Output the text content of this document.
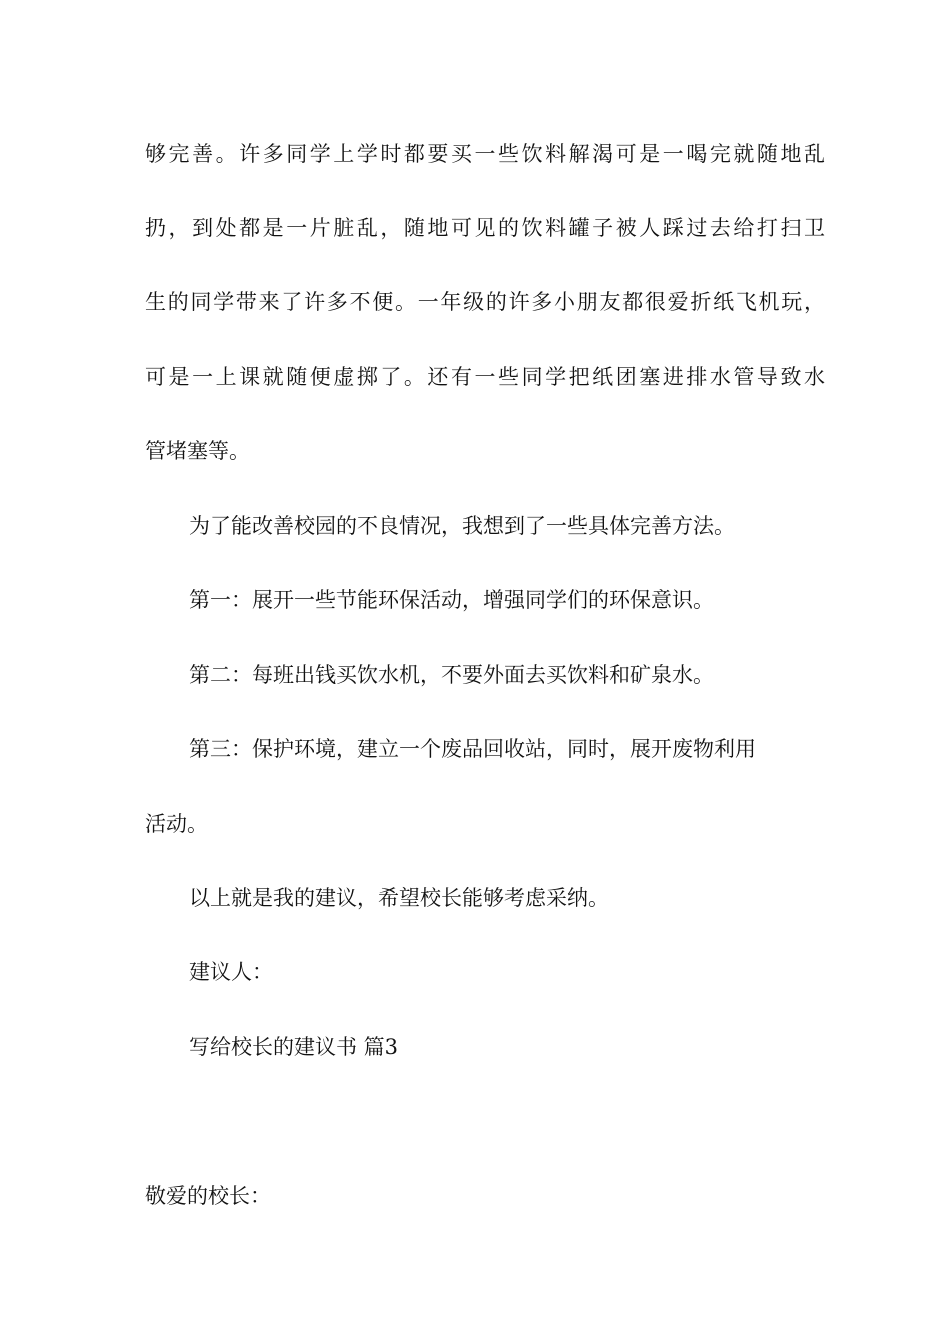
够完善。许多同学上学时都要买一些饮料解渴可是一喝完就随地乱
扔，到处都是一片脏乱，随地可见的饮料罐子被人踩过去给打扫卫
生的同学带来了许多不便。一年级的许多小朋友都很爱折纸飞机玩，
可是一上课就随便虚掷了。还有一些同学把纸团塞进排水管导致水
管堵塞等。
为了能改善校园的不良情况，我想到了一些具体完善方法。
第一：展开一些节能环保活动，增强同学们的环保意识。
第二：每班出钱买饮水机，不要外面去买饮料和矿泉水。
第三：保护环境，建立一个废品回收站，同时，展开废物利用
活动。
以上就是我的建议，希望校长能够考虑采纳。
建议人：
写给校长的建议书 篇3
敬爱的校长：
